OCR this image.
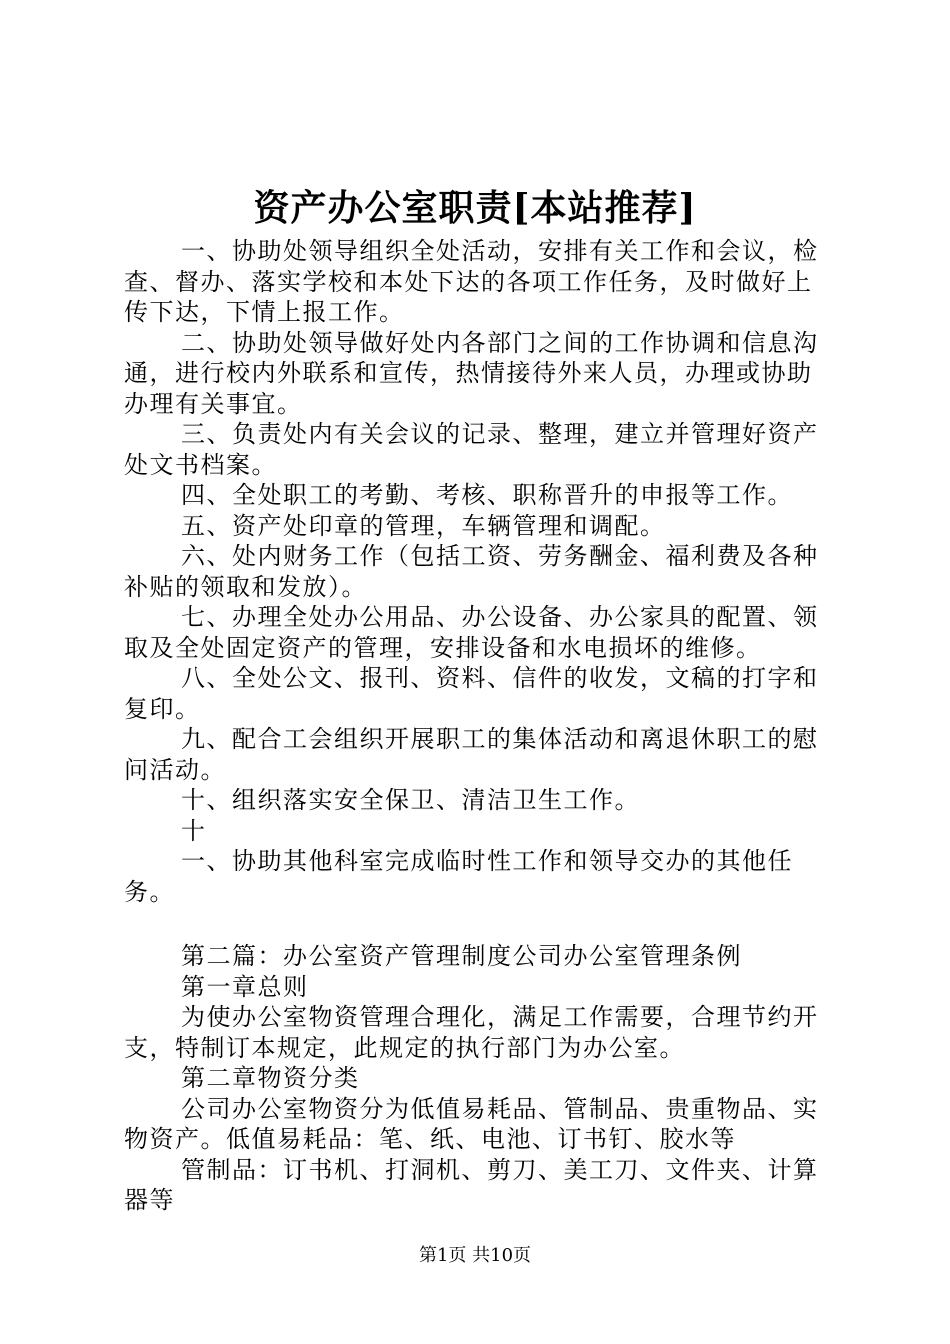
资产办公室职责[本站推荐]

一、协助处领导组织全处活动，安排有关工作和会议，检查、督办、落实学校和本处下达的各项工作任务，及时做好上传下达，下情上报工作。

二、协助处领导做好处内各部门之间的工作协调和信息沟通，进行校内外联系和宣传，热情接待外来人员，办理或协助办理有关事宜。

三、负责处内有关会议的记录、整理，建立并管理好资产处文书档案。

四、全处职工的考勤、考核、职称晋升的申报等工作。

五、资产处印章的管理，车辆管理和调配。

六、处内财务工作（包括工资、劳务酬金、福利费及各种补贴的领取和发放）。

七、办理全处办公用品、办公设备、办公家具的配置、领取及全处固定资产的管理，安排设备和水电损坏的维修。

八、全处公文、报刊、资料、信件的收发，文稿的打字和复印。

九、配合工会组织开展职工的集体活动和离退休职工的慰问活动。

十、组织落实安全保卫、清洁卫生工作。

十

一、协助其他科室完成临时性工作和领导交办的其他任务。

第二篇：办公室资产管理制度公司办公室管理条例

第一章总则

为使办公室物资管理合理化，满足工作需要，合理节约开支，特制订本规定，此规定的执行部门为办公室。

第二章物资分类

公司办公室物资分为低值易耗品、管制品、贵重物品、实物资产。低值易耗品：笔、纸、电池、订书钉、胶水等

管制品：订书机、打洞机、剪刀、美工刀、文件夹、计算器等

第1页 共10页
